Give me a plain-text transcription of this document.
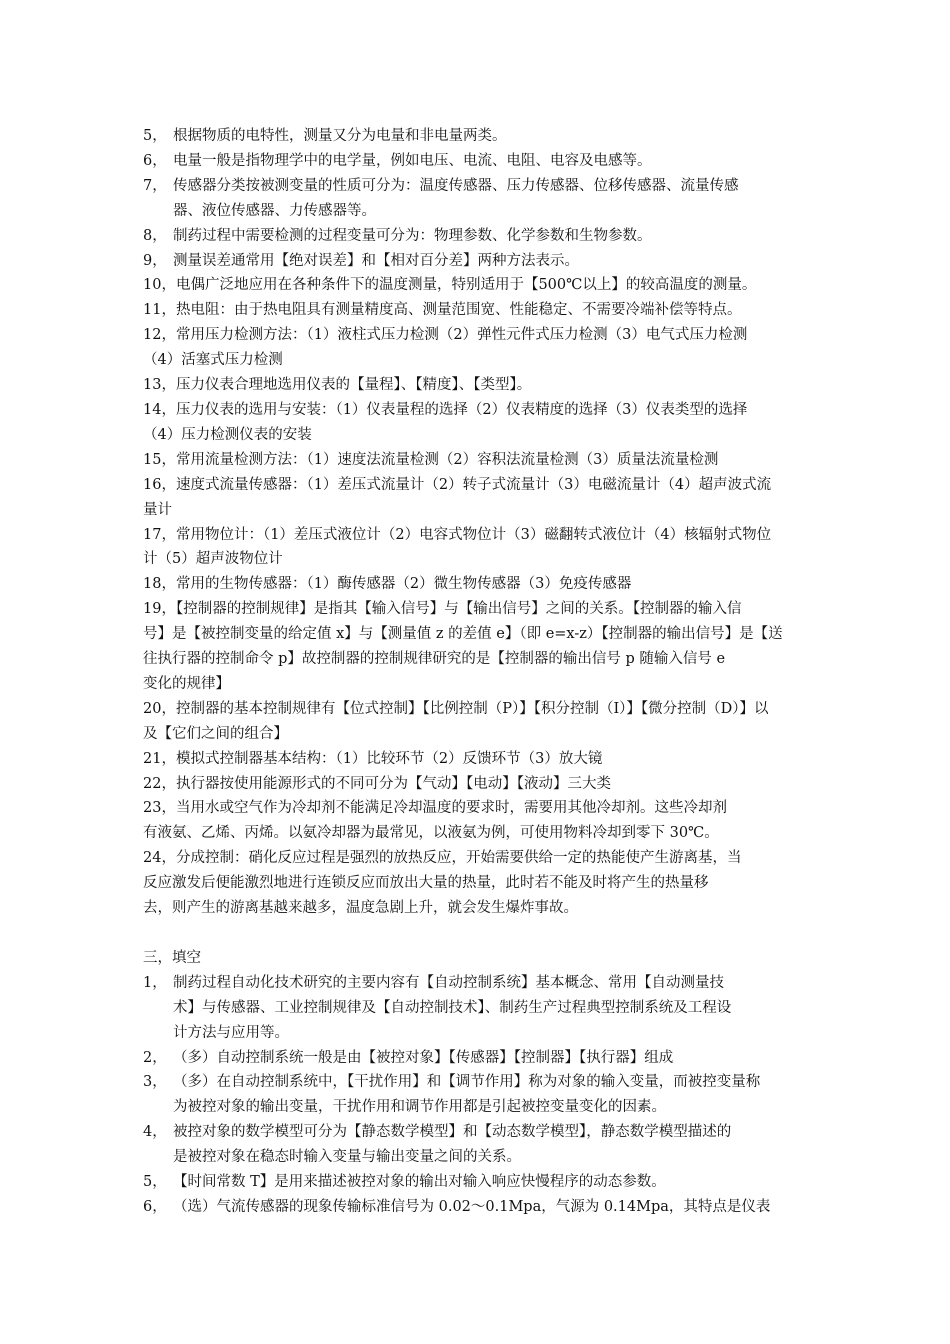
5， 根据物质的电特性，测量又分为电量和非电量两类。
6， 电量一般是指物理学中的电学量，例如电压、电流、电阻、电容及电感等。
7， 传感器分类按被测变量的性质可分为：温度传感器、压力传感器、位移传感器、流量传感
器、液位传感器、力传感器等。
8， 制药过程中需要检测的过程变量可分为：物理参数、化学参数和生物参数。
9， 测量误差通常用【绝对误差】和【相对百分差】两种方法表示。
10，电偶广泛地应用在各种条件下的温度测量，特别适用于【500℃以上】的较高温度的测量。
11，热电阻：由于热电阻具有测量精度高、测量范围宽、性能稳定、不需要冷端补偿等特点。
12，常用压力检测方法：（1）液柱式压力检测（2）弹性元件式压力检测（3）电气式压力检测
（4）活塞式压力检测
13，压力仪表合理地选用仪表的【量程】、【精度】、【类型】。
14，压力仪表的选用与安装：（1）仪表量程的选择（2）仪表精度的选择（3）仪表类型的选择
（4）压力检测仪表的安装
15，常用流量检测方法：（1）速度法流量检测（2）容积法流量检测（3）质量法流量检测
16，速度式流量传感器：（1）差压式流量计（2）转子式流量计（3）电磁流量计（4）超声波式流
量计
17，常用物位计：（1）差压式液位计（2）电容式物位计（3）磁翻转式液位计（4）核辐射式物位
计（5）超声波物位计
18，常用的生物传感器：（1）酶传感器（2）微生物传感器（3）免疫传感器
19，【控制器的控制规律】是指其【输入信号】与【输出信号】之间的关系。【控制器的输入信
号】是【被控制变量的给定值 x】与【测量值 z 的差值 e】（即 e=x-z）【控制器的输出信号】是【送
往执行器的控制命令 p】故控制器的控制规律研究的是【控制器的输出信号 p 随输入信号 e
变化的规律】
20，控制器的基本控制规律有【位式控制】【比例控制（P）】【积分控制（I）】【微分控制（D）】以
及【它们之间的组合】
21，模拟式控制器基本结构：（1）比较环节（2）反馈环节（3）放大镜
22，执行器按使用能源形式的不同可分为【气动】【电动】【液动】三大类
23，当用水或空气作为冷却剂不能满足冷却温度的要求时，需要用其他冷却剂。这些冷却剂
有液氨、乙烯、丙烯。以氨冷却器为最常见，以液氨为例，可使用物料冷却到零下 30℃。
24，分成控制：硝化反应过程是强烈的放热反应，开始需要供给一定的热能使产生游离基，当
反应激发后便能激烈地进行连锁反应而放出大量的热量，此时若不能及时将产生的热量移
去，则产生的游离基越来越多，温度急剧上升，就会发生爆炸事故。
三，填空
1， 制药过程自动化技术研究的主要内容有【自动控制系统】基本概念、常用【自动测量技
术】与传感器、工业控制规律及【自动控制技术】、制药生产过程典型控制系统及工程设
计方法与应用等。
2， （多）自动控制系统一般是由【被控对象】【传感器】【控制器】【执行器】组成
3， （多）在自动控制系统中，【干扰作用】和【调节作用】称为对象的输入变量，而被控变量称
为被控对象的输出变量，干扰作用和调节作用都是引起被控变量变化的因素。
4， 被控对象的数学模型可分为【静态数学模型】和【动态数学模型】，静态数学模型描述的
是被控对象在稳态时输入变量与输出变量之间的关系。
5， 【时间常数 T】是用来描述被控对象的输出对输入响应快慢程序的动态参数。
6， （选）气流传感器的现象传输标准信号为 0.02～0.1Mpa，气源为 0.14Mpa，其特点是仪表
